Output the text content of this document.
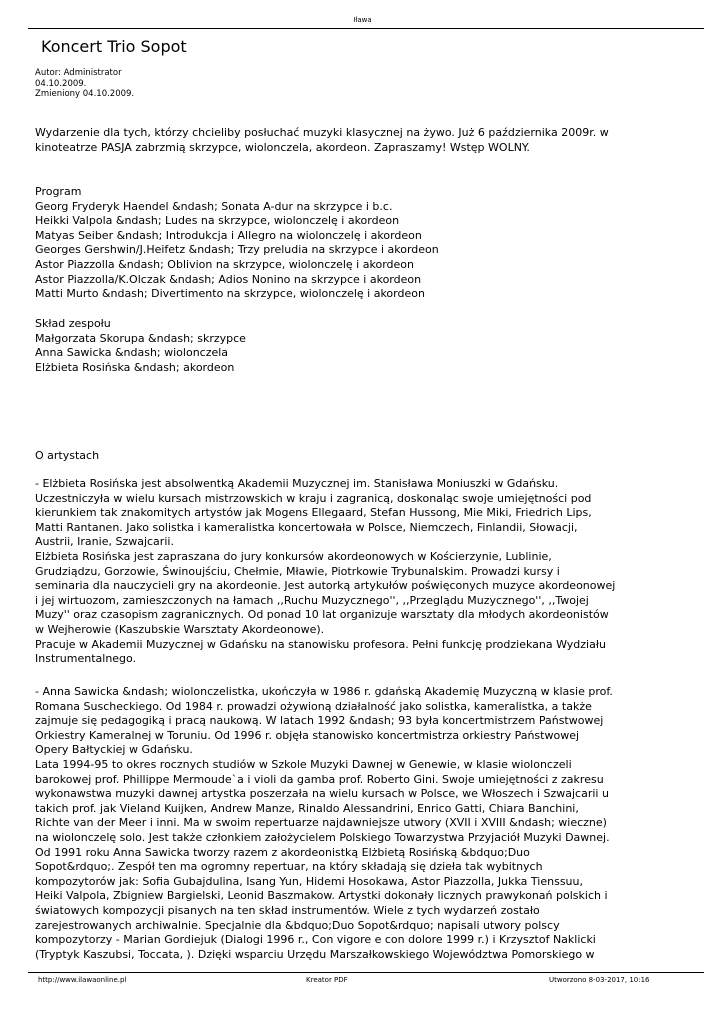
Iława
Koncert Trio Sopot
Autor: Administrator
04.10.2009.
Zmieniony 04.10.2009.
Wydarzenie dla tych, którzy chcieliby posłuchać muzyki klasycznej na żywo. Już 6 października 2009r. w
kinoteatrze PASJA zabrzmią skrzypce, wiolonczela, akordeon. Zapraszamy! Wstęp WOLNY.
Program
Georg Fryderyk Haendel &ndash; Sonata A-dur na skrzypce i b.c.
Heikki Valpola &ndash; Ludes na skrzypce, wiolonczelę i akordeon
Matyas Seiber &ndash; Introdukcja i Allegro na wiolonczelę i akordeon
Georges Gershwin/J.Heifetz &ndash; Trzy preludia na skrzypce i akordeon
Astor Piazzolla &ndash; Oblivion na skrzypce, wiolonczelę i akordeon
Astor Piazzolla/K.Olczak &ndash; Adios Nonino na skrzypce i akordeon
Matti Murto &ndash; Divertimento na skrzypce, wiolonczelę i akordeon
Skład zespołu
Małgorzata Skorupa &ndash; skrzypce
Anna Sawicka &ndash; wiolonczela
Elżbieta Rosińska &ndash; akordeon
O artystach
- Elżbieta Rosińska jest absolwentką Akademii Muzycznej im. Stanisława Moniuszki w Gdańsku.
Uczestniczyła w wielu kursach mistrzowskich w kraju i zagranicą, doskonaląc swoje umiejętności pod
kierunkiem tak znakomitych artystów jak Mogens Ellegaard, Stefan Hussong, Mie Miki, Friedrich Lips,
Matti Rantanen. Jako solistka i kameralistka koncertowała w Polsce, Niemczech, Finlandii, Słowacji,
Austrii, Iranie, Szwajcarii.
Elżbieta Rosińska jest zapraszana do jury konkursów akordeonowych w Kościerzynie, Lublinie,
Grudziądzu, Gorzowie, Świnoujściu, Chełmie, Mławie, Piotrkowie Trybunalskim. Prowadzi kursy i
seminaria dla nauczycieli gry na akordeonie. Jest autorką artykułów poświęconych muzyce akordeonowej
i jej wirtuozom, zamieszczonych na łamach ,,Ruchu Muzycznego'', ,,Przeglądu Muzycznego'', ,,Twojej
Muzy'' oraz czasopism zagranicznych. Od ponad 10 lat organizuje warsztaty dla młodych akordeonistów
w Wejherowie (Kaszubskie Warsztaty Akordeonowe).
Pracuje w Akademii Muzycznej w Gdańsku na stanowisku profesora. Pełni funkcję prodziekana Wydziału
Instrumentalnego.
- Anna Sawicka &ndash; wiolonczelistka, ukończyła w 1986 r. gdańską Akademię Muzyczną w klasie prof.
Romana Suscheckiego. Od 1984 r. prowadzi ożywioną działalność jako solistka, kameralistka, a także
zajmuje się pedagogiką i pracą naukową. W latach 1992 &ndash; 93 była koncertmistrzem Państwowej
Orkiestry Kameralnej w Toruniu. Od 1996 r. objęła stanowisko koncertmistrza orkiestry Państwowej
Opery Bałtyckiej w Gdańsku.
Lata 1994-95 to okres rocznych studiów w Szkole Muzyki Dawnej w Genewie, w klasie wiolonczeli
barokowej prof. Phillippe Mermoude`a i violi da gamba prof. Roberto Gini. Swoje umiejętności z zakresu
wykonawstwa muzyki dawnej artystka poszerzała na wielu kursach w Polsce, we Włoszech i Szwajcarii u
takich prof. jak Vieland Kuijken, Andrew Manze, Rinaldo Alessandrini, Enrico Gatti, Chiara Banchini,
Richte van der Meer i inni. Ma w swoim repertuarze najdawniejsze utwory (XVII i XVIII &ndash; wieczne)
na wiolonczelę solo. Jest także członkiem założycielem Polskiego Towarzystwa Przyjaciół Muzyki Dawnej.
Od 1991 roku Anna Sawicka tworzy razem z akordeonistką Elżbietą Rosińską &bdquo;Duo
Sopot&rdquo;. Zespół ten ma ogromny repertuar, na który składają się dzieła tak wybitnych
kompozytorów jak: Sofia Gubajdulina, Isang Yun, Hidemi Hosokawa, Astor Piazzolla, Jukka Tienssuu,
Heiki Valpola, Zbigniew Bargielski, Leonid Baszmakow. Artystki dokonały licznych prawykonań polskich i
światowych kompozycji pisanych na ten skład instrumentów. Wiele z tych wydarzeń zostało
zarejestrowanych archiwalnie. Specjalnie dla &bdquo;Duo Sopot&rdquo; napisali utwory polscy
kompozytorzy - Marian Gordiejuk (Dialogi 1996 r., Con vigore e con dolore 1999 r.) i Krzysztof Naklicki
(Tryptyk Kaszubsi, Toccata, ). Dzięki wsparciu Urzędu Marszałkowskiego Województwa Pomorskiego w
http://www.ilawaonline.pl	Kreator PDF	Utworzono 8-03-2017, 10:16
